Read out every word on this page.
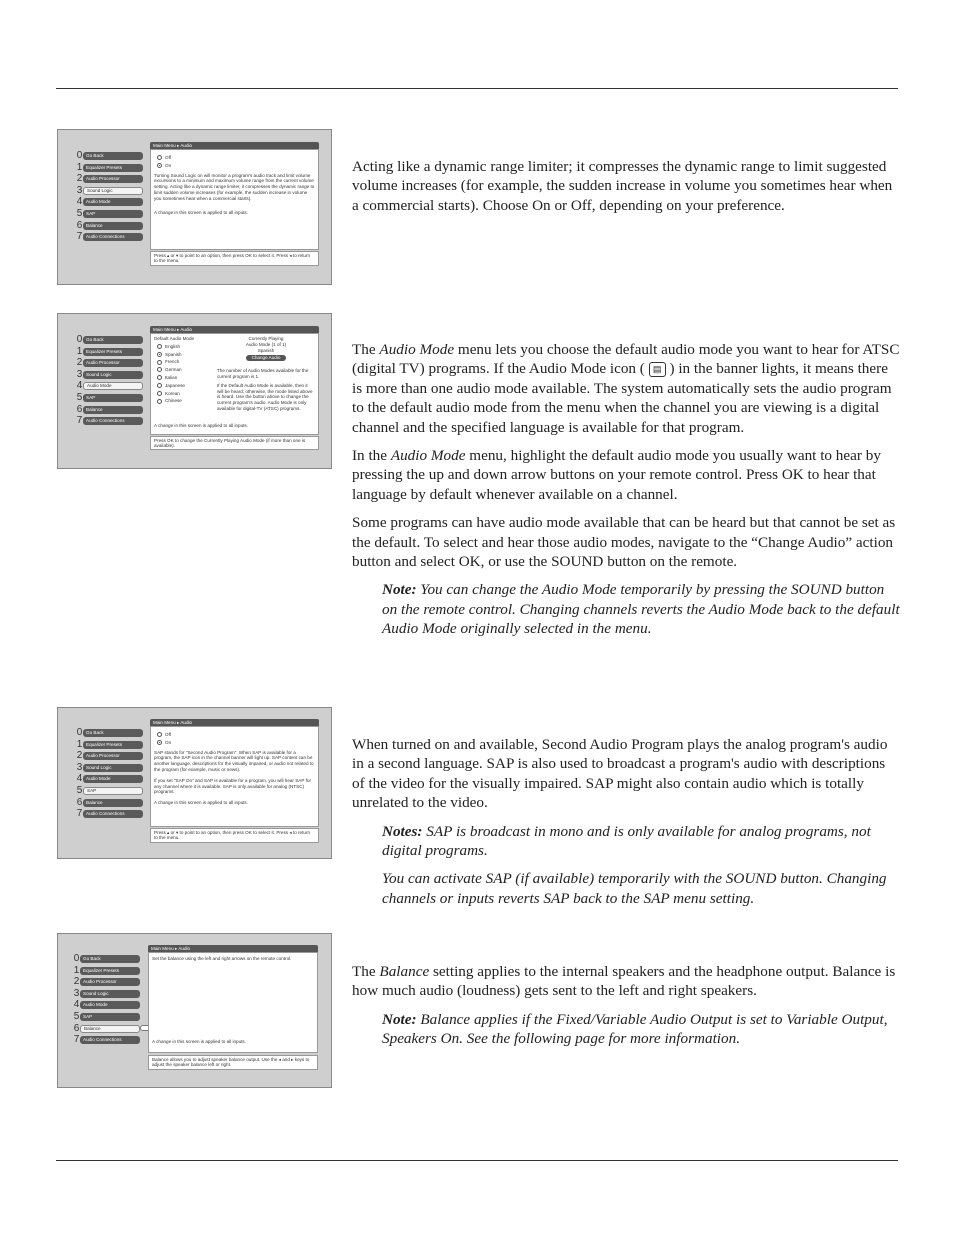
0 Go Back
1 Equalizer Presets
2 Audio Processor
3	Sound Logic
4 Audio Mode
5 SAP
6 Balance
7 Audio Connections
Main Menu ▸ Audio
Off
On
Turning Sound Logic on will monitor a program's audio track and limit volume excursions to a minimum and maximum volume range from the current volume setting. Acting like a dynamic range limiter, it compresses the dynamic range to limit sudden volume increases (for example, the sudden increase in volume you sometimes hear when a commercial starts).
A change in this screen is applied to all inputs.
Press ▴ or ▾ to point to an option, then press OK to select it. Press ◂ to return to the menu.

Acting like a dynamic range limiter; it compresses the dynamic range to limit suggested volume increases (for example, the sudden increase in volume you sometimes hear when a commercial starts). Choose On or Off, depending on your preference.

0 Go Back
1 Equalizer Presets
2 Audio Processor
3 Sound Logic
4	Audio Mode
5 SAP
6 Balance
7 Audio Connections
Main Menu ▸ Audio
Default Audio Mode
English
Spanish
French
German
Italian
Japanese
Korean
Chinese
Currently Playing
Audio Mode (1 of 1)
Spanish
Change Audio
The number of Audio Modes available for the current program is 1.
If the Default Audio Mode is available, then it will be heard; otherwise, the mode listed above is heard. Use the button above to change the current program's audio. Audio Mode is only available for digital-TV (ATSC) programs.
A change in this screen is applied to all inputs.
Press OK to change the Currently Playing Audio Mode (if more than one is available).

The Audio Mode menu lets you choose the default audio mode you want to hear for ATSC (digital TV) programs. If the Audio Mode icon ( ▤ ) in the banner lights, it means there is more than one audio mode available. The system automatically sets the audio program to the default audio mode from the menu when the channel you are viewing is a digital channel and the specified language is available for that program.

In the Audio Mode menu, highlight the default audio mode you usually want to hear by pressing the up and down arrow buttons on your remote control. Press OK to hear that language by default whenever available on a channel.

Some programs can have audio mode available that can be heard but that cannot be set as the default. To select and hear those audio modes, navigate to the “Change Audio” action button and select OK, or use the SOUND button on the remote.

Note: You can change the Audio Mode temporarily by pressing the SOUND button on the remote control. Changing channels reverts the Audio Mode back to the default Audio Mode originally selected in the menu.

0 Go Back
1 Equalizer Presets
2 Audio Processor
3 Sound Logic
4 Audio Mode
5	SAP
6 Balance
7 Audio Connections
Main Menu ▸ Audio
Off
On
SAP stands for "Second Audio Program". When SAP is available for a program, the SAP icon in the channel banner will light up. SAP content can be another language, descriptions for the visually impaired, or audio not related to the program (for example, music or news).
If you set "SAP On" and SAP is available for a program, you will hear SAP for any channel where it is available. SAP is only available for analog (NTSC) programs.
A change in this screen is applied to all inputs.
Press ▴ or ▾ to point to an option, then press OK to select it. Press ◂ to return to the menu.

When turned on and available, Second Audio Program plays the analog program's audio in a second language. SAP is also used to broadcast a program's audio with descriptions of the video for the visually impaired. SAP might also contain audio which is totally unrelated to the video.

Notes: SAP is broadcast in mono and is only available for analog programs, not digital programs.

You can activate SAP (if available) temporarily with the SOUND button. Changing channels or inputs reverts SAP back to the SAP menu setting.

0 Go Back
1 Equalizer Presets
2 Audio Processor
3 Sound Logic
4 Audio Mode
5 SAP
6	Balance
7 Audio Connections
Main Menu ▸ Audio
Set the balance using the left and right arrows on the remote control.
A change in this screen is applied to all inputs.
Balance allows you to adjust speaker balance output. Use the ◂ and ▸ keys to adjust the speaker balance left or right.

The Balance setting applies to the internal speakers and the headphone output. Balance is how much audio (loudness) gets sent to the left and right speakers.

Note: Balance applies if the Fixed/Variable Audio Output is set to Variable Output, Speakers On. See the following page for more information.
